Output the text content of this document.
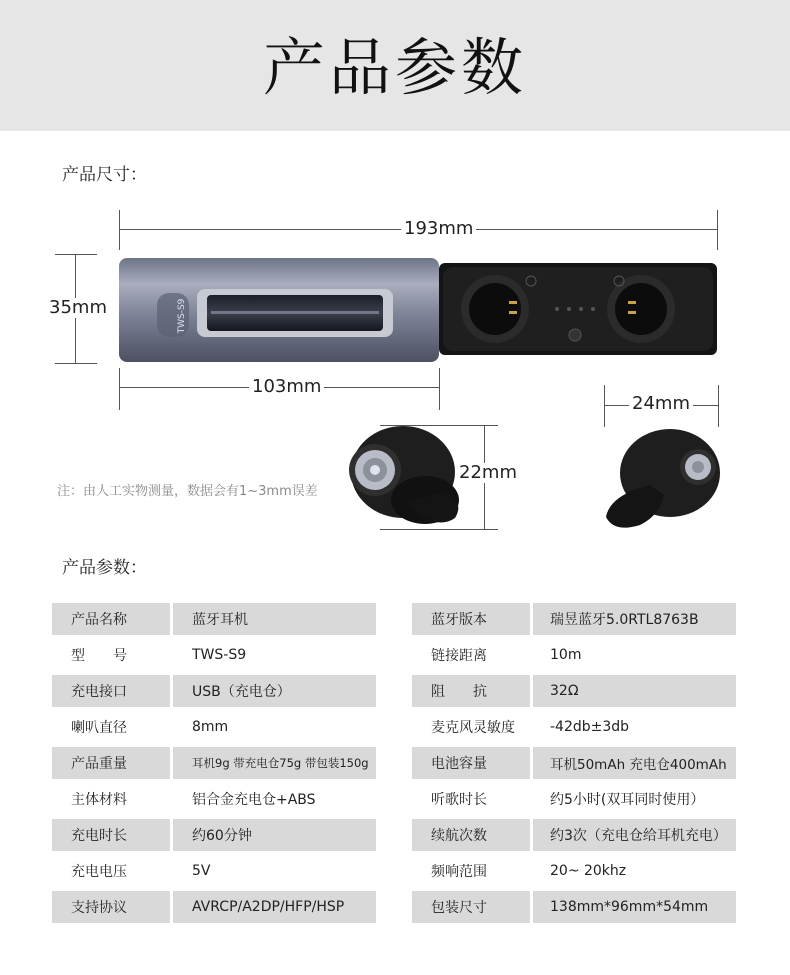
产品参数
产品尺寸：
193mm
35mm	TWS-S9
103mm
22mm
24mm
注：由人工实物测量，数据会有1~3mm误差
产品参数：
产品名称	蓝牙耳机
型　　号	TWS-S9
充电接口	USB（充电仓）
喇叭直径	8mm
产品重量	耳机9g 带充电仓75g 带包装150g
主体材料	铝合金充电仓+ABS
充电时长	约60分钟
充电电压	5V
支持协议	AVRCP/A2DP/HFP/HSP
蓝牙版本	瑞昱蓝牙5.0RTL8763B
链接距离	10m
阻　　抗	32Ω
麦克风灵敏度	-42db±3db
电池容量	耳机50mAh 充电仓400mAh
听歌时长	约5小时(双耳同时使用）
续航次数	约3次（充电仓给耳机充电）
频响范围	20~ 20khz
包装尺寸	138mm*96mm*54mm
